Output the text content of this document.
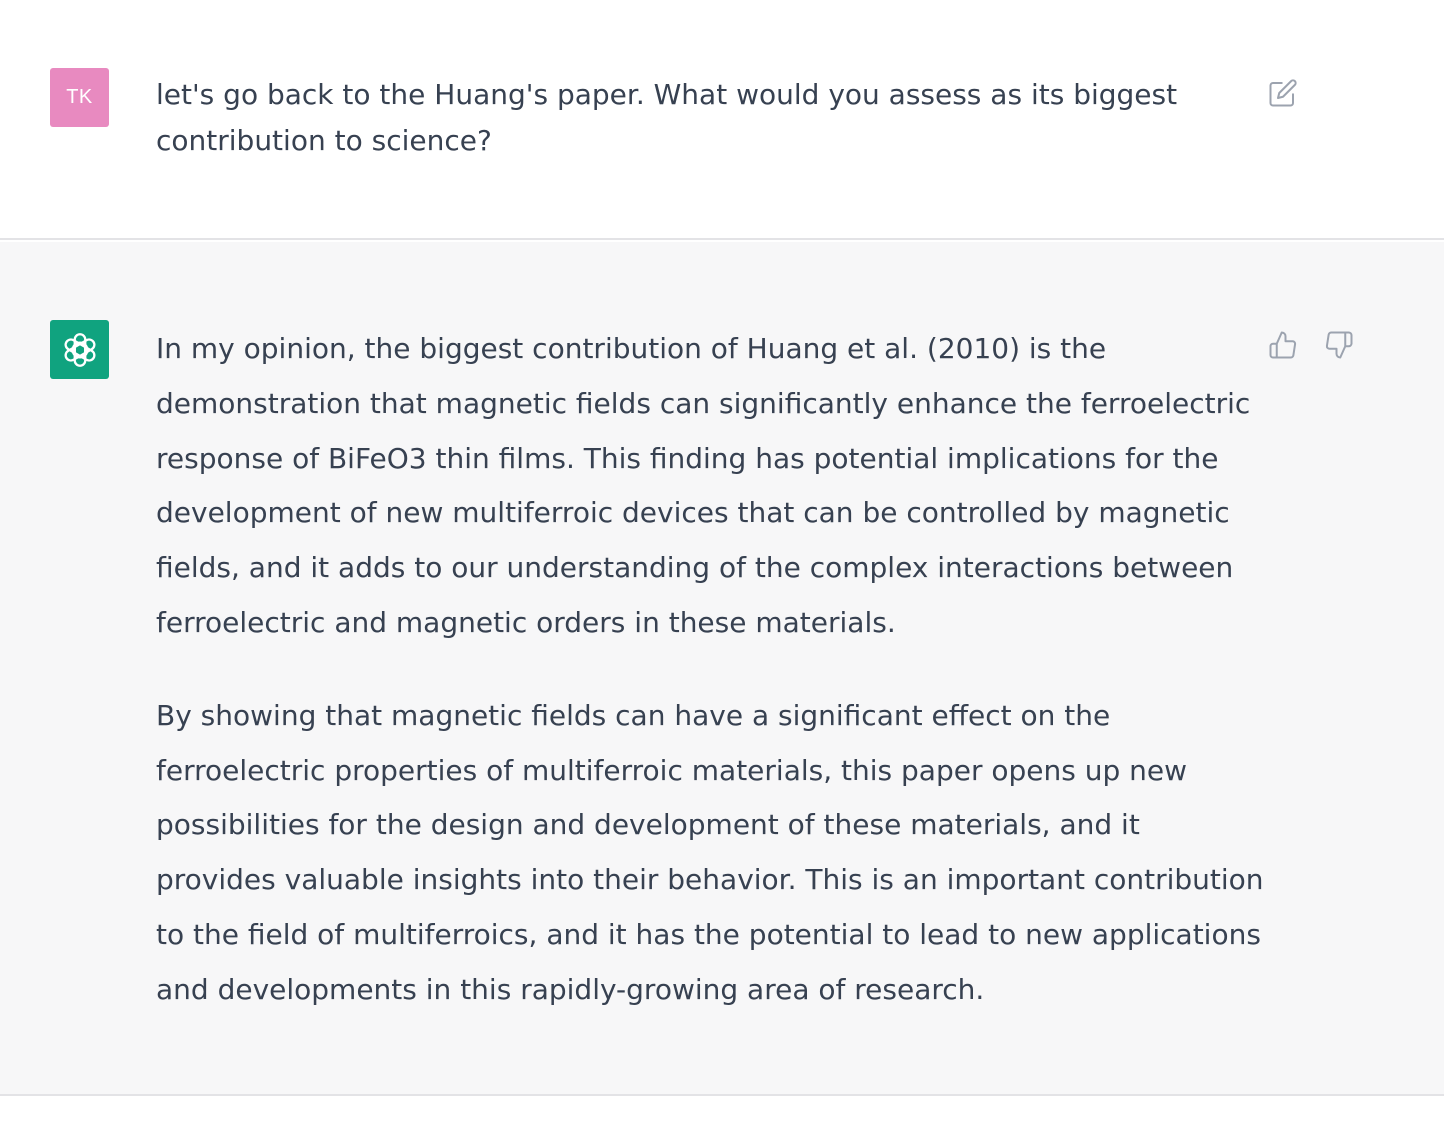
TK	let's go back to the Huang's paper. What would you assess as its biggest contribution to science?

In my opinion, the biggest contribution of Huang et al. (2010) is the demonstration that magnetic fields can significantly enhance the ferroelectric response of BiFeO3 thin films. This finding has potential implications for the development of new multiferroic devices that can be controlled by magnetic fields, and it adds to our understanding of the complex interactions between ferroelectric and magnetic orders in these materials.

By showing that magnetic fields can have a significant effect on the ferroelectric properties of multiferroic materials, this paper opens up new possibilities for the design and development of these materials, and it provides valuable insights into their behavior. This is an important contribution to the field of multiferroics, and it has the potential to lead to new applications and developments in this rapidly-growing area of research.
